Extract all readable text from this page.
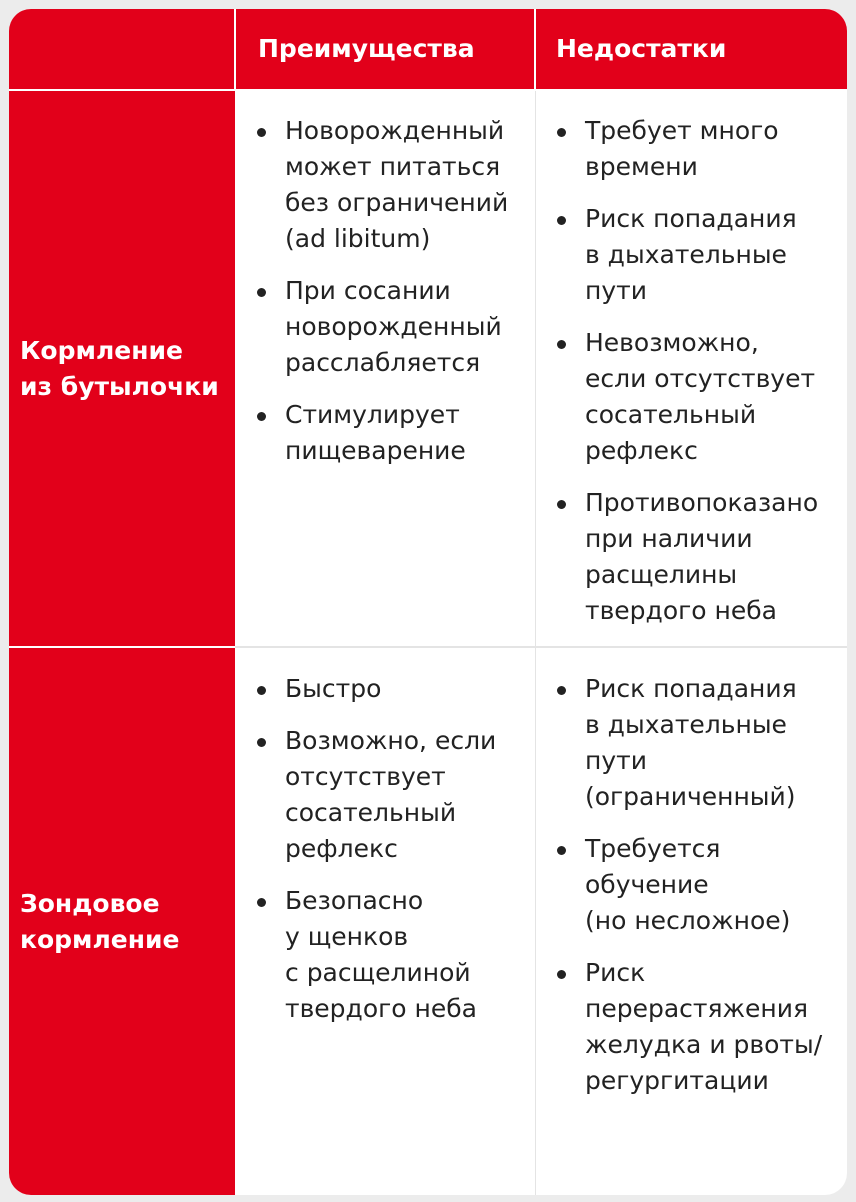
Преимущества	Недостатки
Кормление
из бутылочки
Зондовое
кормление
Новорожденный
может питаться
без ограничений
(ad libitum)
При сосании
новорожденный
расслабляется
Стимулирует
пищеварение
Требует много
времени
Риск попадания
в дыхательные
пути
Невозможно,
если отсутствует
сосательный
рефлекс
Противопоказано
при наличии
расщелины
твердого неба
Быстро
Возможно, если
отсутствует
сосательный
рефлекс
Безопасно
у щенков
с расщелиной
твердого неба
Риск попадания
в дыхательные
пути
(ограниченный)
Требуется
обучение
(но несложное)
Риск
перерастяжения
желудка и рвоты/
регургитации
